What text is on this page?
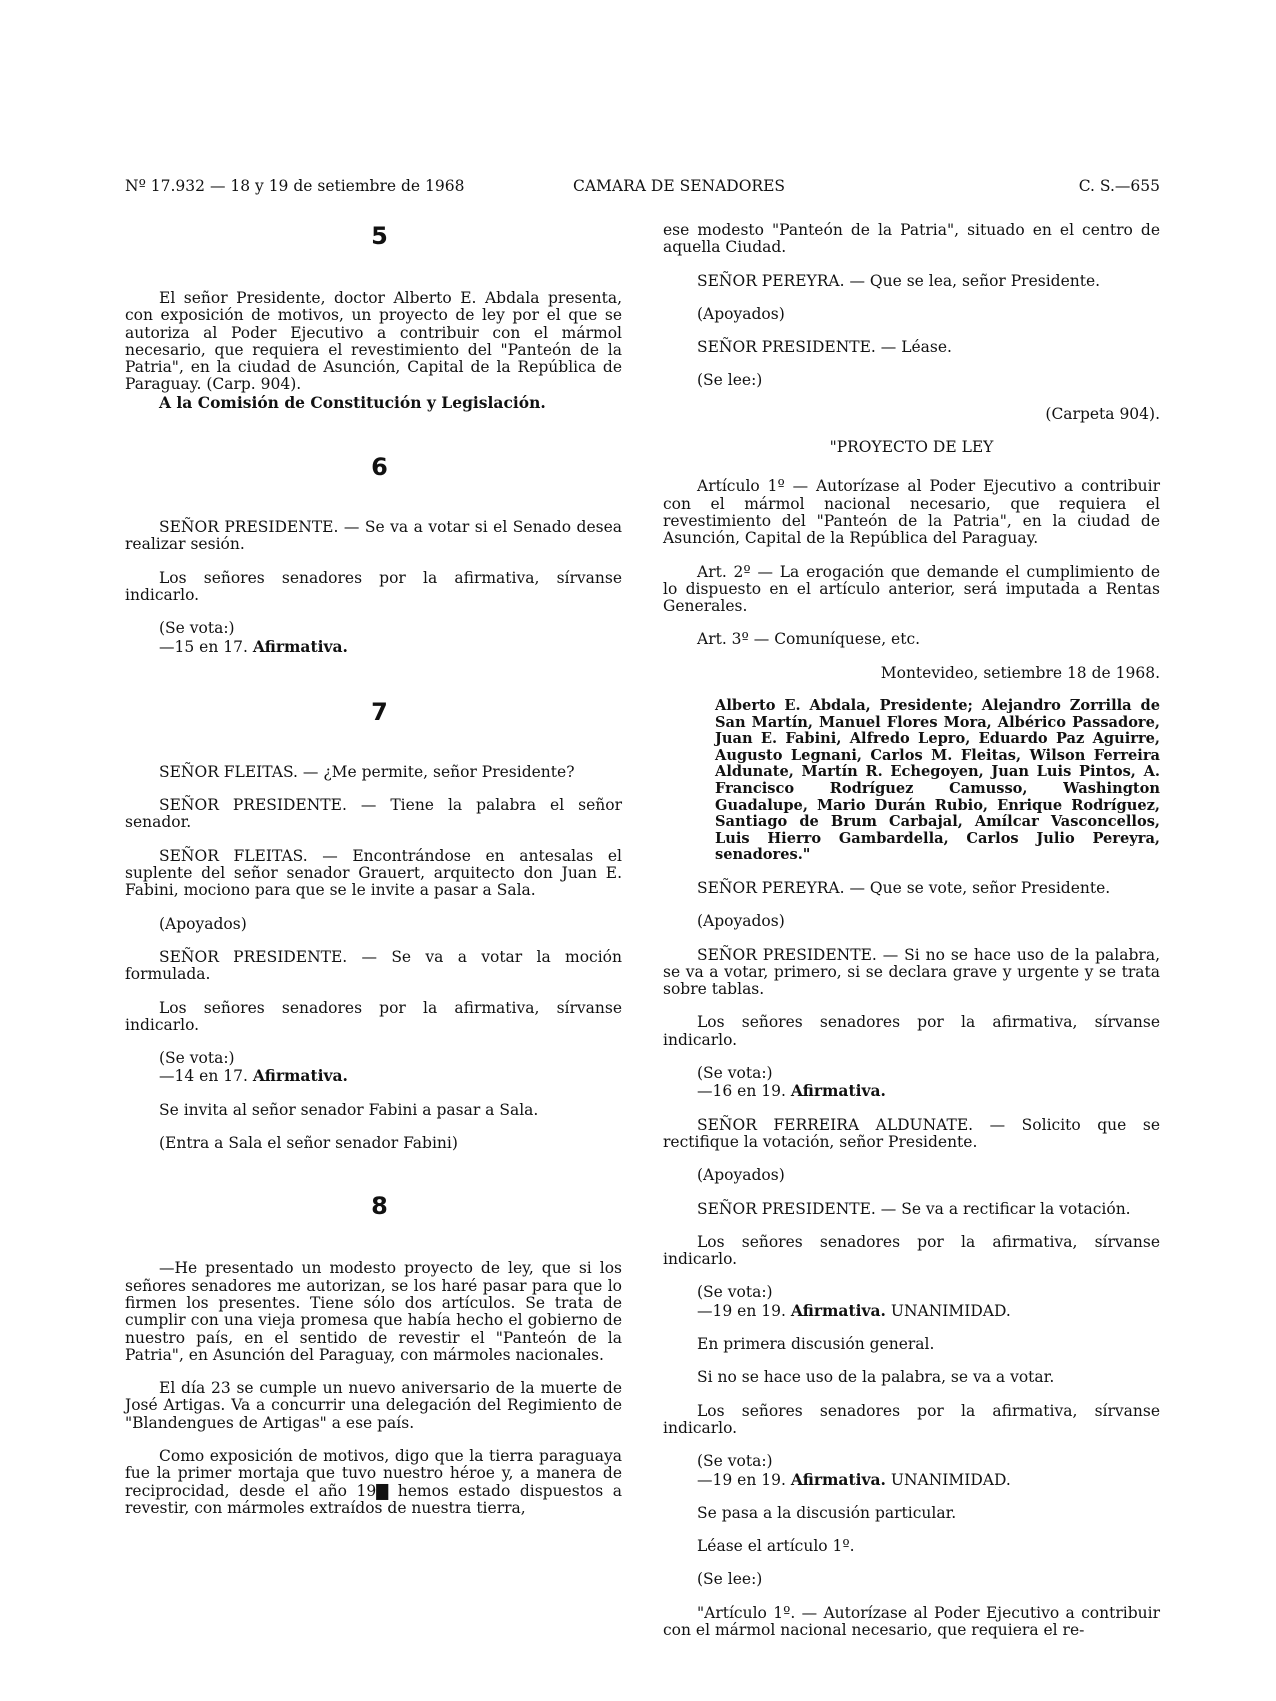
Nº 17.932 — 18 y 19 de setiembre de 1968	CAMARA DE SENADORES	C. S.—655

5

El señor Presidente, doctor Alberto E. Abdala presenta, con exposición de motivos, un proyecto de ley por el que se autoriza al Poder Ejecutivo a contribuir con el mármol necesario, que requiera el revestimiento del "Panteón de la Patria", en la ciudad de Asunción, Capital de la República de Paraguay. (Carp. 904).

A la Comisión de Constitución y Legislación.

6

SEÑOR PRESIDENTE. — Se va a votar si el Senado desea realizar sesión.

Los señores senadores por la afirmativa, sírvanse indicarlo.

(Se vota:)

—15 en 17. Afirmativa.

7

SEÑOR FLEITAS. — ¿Me permite, señor Presidente?

SEÑOR PRESIDENTE. — Tiene la palabra el señor senador.

SEÑOR FLEITAS. — Encontrándose en antesalas el suplente del señor senador Grauert, arquitecto don Juan E. Fabini, mociono para que se le invite a pasar a Sala.

(Apoyados)

SEÑOR PRESIDENTE. — Se va a votar la moción formulada.

Los señores senadores por la afirmativa, sírvanse indicarlo.

(Se vota:)

—14 en 17. Afirmativa.

Se invita al señor senador Fabini a pasar a Sala.

(Entra a Sala el señor senador Fabini)

8

—He presentado un modesto proyecto de ley, que si los señores senadores me autorizan, se los haré pasar para que lo firmen los presentes. Tiene sólo dos artículos. Se trata de cumplir con una vieja promesa que había hecho el gobierno de nuestro país, en el sentido de revestir el "Panteón de la Patria", en Asunción del Paraguay, con mármoles nacionales.

El día 23 se cumple un nuevo aniversario de la muerte de José Artigas. Va a concurrir una delegación del Regimiento de "Blandengues de Artigas" a ese país.

Como exposición de motivos, digo que la tierra paraguaya fue la primer mortaja que tuvo nuestro héroe y, a manera de reciprocidad, desde el año 19▇ hemos estado dispuestos a revestir, con mármoles extraídos de nuestra tierra,

ese modesto "Panteón de la Patria", situado en el centro de aquella Ciudad.

SEÑOR PEREYRA. — Que se lea, señor Presidente.

(Apoyados)

SEÑOR PRESIDENTE. — Léase.

(Se lee:)

(Carpeta 904).

"PROYECTO DE LEY

Artículo 1º — Autorízase al Poder Ejecutivo a contribuir con el mármol nacional necesario, que requiera el revestimiento del "Panteón de la Patria", en la ciudad de Asunción, Capital de la República del Paraguay.

Art. 2º — La erogación que demande el cumplimiento de lo dispuesto en el artículo anterior, será imputada a Rentas Generales.

Art. 3º — Comuníquese, etc.

Montevideo, setiembre 18 de 1968.

Alberto E. Abdala, Presidente; Alejandro Zorrilla de San Martín, Manuel Flores Mora, Albérico Passadore, Juan E. Fabini, Alfredo Lepro, Eduardo Paz Aguirre, Augusto Legnani, Carlos M. Fleitas, Wilson Ferreira Aldunate, Martín R. Echegoyen, Juan Luis Pintos, A. Francisco Rodríguez Camusso, Washington Guadalupe, Mario Durán Rubio, Enrique Rodríguez, Santiago de Brum Carbajal, Amílcar Vasconcellos, Luis Hierro Gambardella, Carlos Julio Pereyra, senadores."

SEÑOR PEREYRA. — Que se vote, señor Presidente.

(Apoyados)

SEÑOR PRESIDENTE. — Si no se hace uso de la palabra, se va a votar, primero, si se declara grave y urgente y se trata sobre tablas.

Los señores senadores por la afirmativa, sírvanse indicarlo.

(Se vota:)

—16 en 19. Afirmativa.

SEÑOR FERREIRA ALDUNATE. — Solicito que se rectifique la votación, señor Presidente.

(Apoyados)

SEÑOR PRESIDENTE. — Se va a rectificar la votación.

Los señores senadores por la afirmativa, sírvanse indicarlo.

(Se vota:)

—19 en 19. Afirmativa. UNANIMIDAD.

En primera discusión general.

Si no se hace uso de la palabra, se va a votar.

Los señores senadores por la afirmativa, sírvanse indicarlo.

(Se vota:)

—19 en 19. Afirmativa. UNANIMIDAD.

Se pasa a la discusión particular.

Léase el artículo 1º.

(Se lee:)

"Artículo 1º. — Autorízase al Poder Ejecutivo a contribuir con el mármol nacional necesario, que requiera el re-
